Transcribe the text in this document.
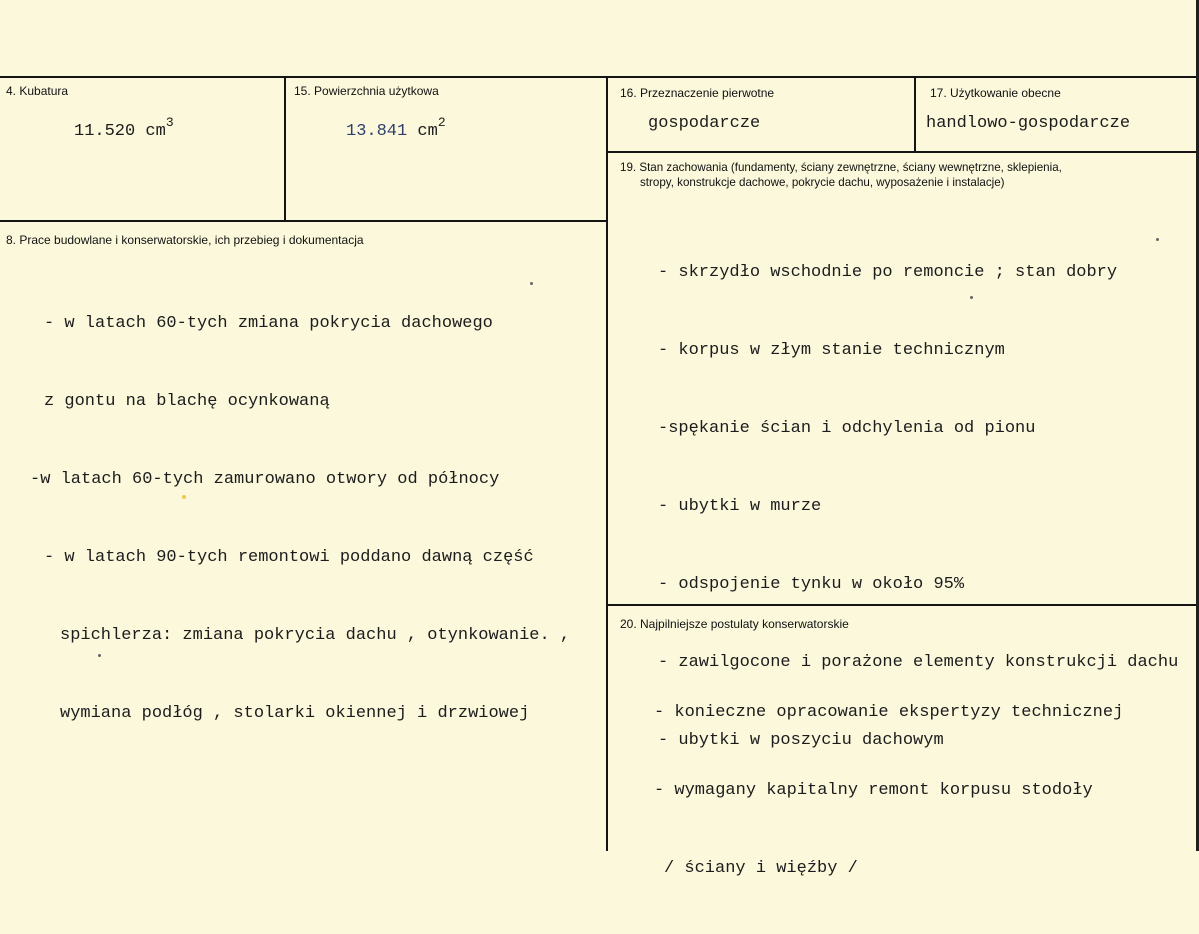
4. Kubatura
11.520 $cm^3$
15. Powierzchnia użytkowa
13.841 $cm^2$
16. Przeznaczenie pierwotne
gospodarcze
17. Użytkowanie obecne
handlowo-gospodarcze
19. Stan zachowania (fundamenty, ściany zewnętrzne, ściany wewnętrzne, sklepienia,
stropy, konstrukcje dachowe, pokrycie dachu, wyposażenie i instalacje)

- skrzydło wschodnie po remoncie ; stan dobry

- korpus w złym stanie technicznym

-spękanie ścian i odchylenia od pionu

- ubytki w murze

- odspojenie tynku w około 95%

- zawilgocone i porażone elementy konstrukcji dachu

- ubytki w poszyciu dachowym

8. Prace budowlane i konserwatorskie, ich przebieg i dokumentacja

- w latach 60-tych zmiana pokrycia dachowego

z gontu na blachę ocynkowaną

-w latach 60-tych zamurowano otwory od północy

- w latach 90-tych remontowi poddano dawną część

spichlerza: zmiana pokrycia dachu , otynkowanie. ,

wymiana podłóg , stolarki okiennej i drzwiowej

20. Najpilniejsze postulaty konserwatorskie

- konieczne opracowanie ekspertyzy technicznej

- wymagany kapitalny remont korpusu stodoły

/ ściany i więźby /
